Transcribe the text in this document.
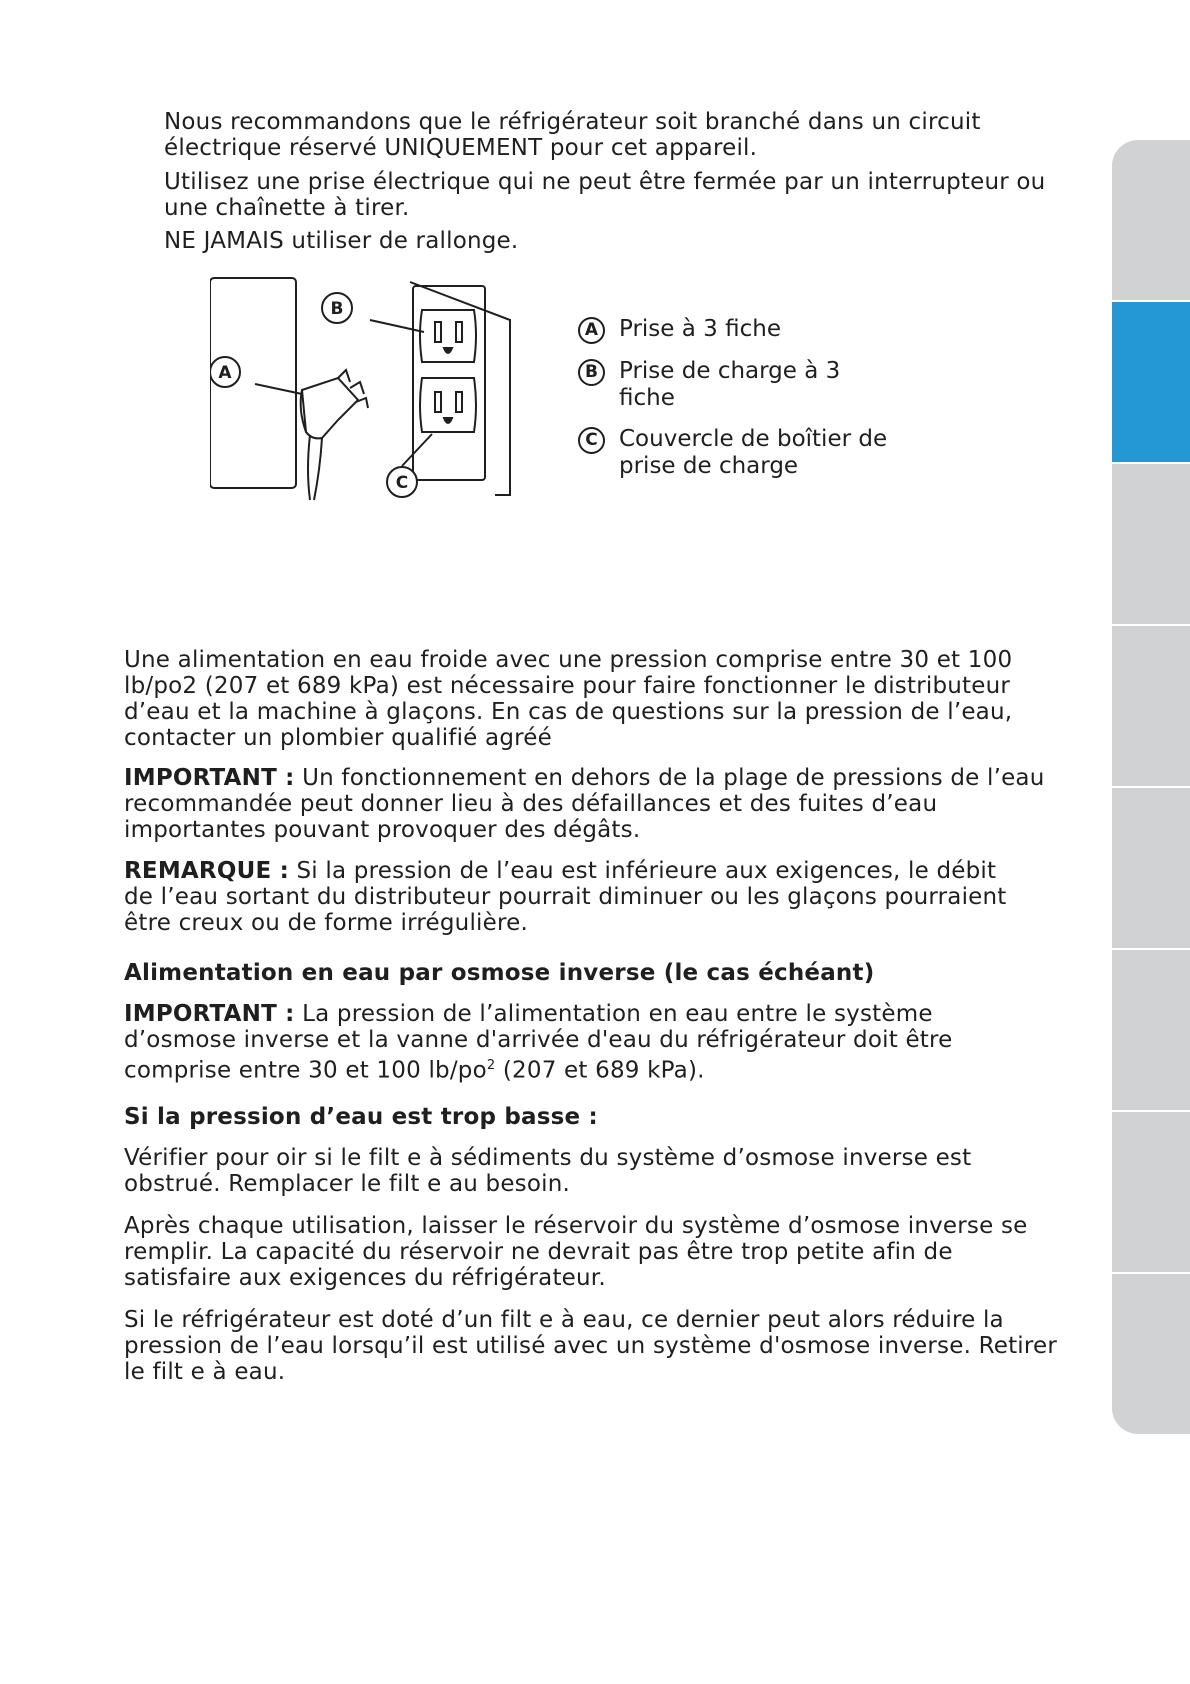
Nous recommandons que le réfrigérateur soit branché dans un circuit électrique réservé UNIQUEMENT pour cet appareil.

Utilisez une prise électrique qui ne peut être fermée par un interrupteur ou une chaînette à tirer.

NE JAMAIS utiliser de rallonge.

B
A
C
A Prise à 3 fiche
B Prise de charge à 3 fiche
C Couvercle de boîtier de prise de charge

Une alimentation en eau froide avec une pression comprise entre 30 et 100 lb/po2 (207 et 689 kPa) est nécessaire pour faire fonctionner le distributeur d’eau et la machine à glaçons. En cas de questions sur la pression de l’eau, contacter un plombier qualifié agréé

IMPORTANT : Un fonctionnement en dehors de la plage de pressions de l’eau recommandée peut donner lieu à des défaillances et des fuites d’eau importantes pouvant provoquer des dégâts.

REMARQUE : Si la pression de l’eau est inférieure aux exigences, le débit de l’eau sortant du distributeur pourrait diminuer ou les glaçons pourraient être creux ou de forme irrégulière.

Alimentation en eau par osmose inverse (le cas échéant)

IMPORTANT : La pression de l’alimentation en eau entre le système d’osmose inverse et la vanne d'arrivée d'eau du réfrigérateur doit être comprise entre 30 et 100 $lb/po^2$ (207 et 689 kPa).

Si la pression d’eau est trop basse :

Vérifier pour oir si le filt e à sédiments du système d’osmose inverse est obstrué. Remplacer le filt e au besoin.

Après chaque utilisation, laisser le réservoir du système d’osmose inverse se remplir. La capacité du réservoir ne devrait pas être trop petite afin de satisfaire aux exigences du réfrigérateur.

Si le réfrigérateur est doté d’un filt e à eau, ce dernier peut alors réduire la pression de l’eau lorsqu’il est utilisé avec un système d'osmose inverse. Retirer le filt e à eau.
